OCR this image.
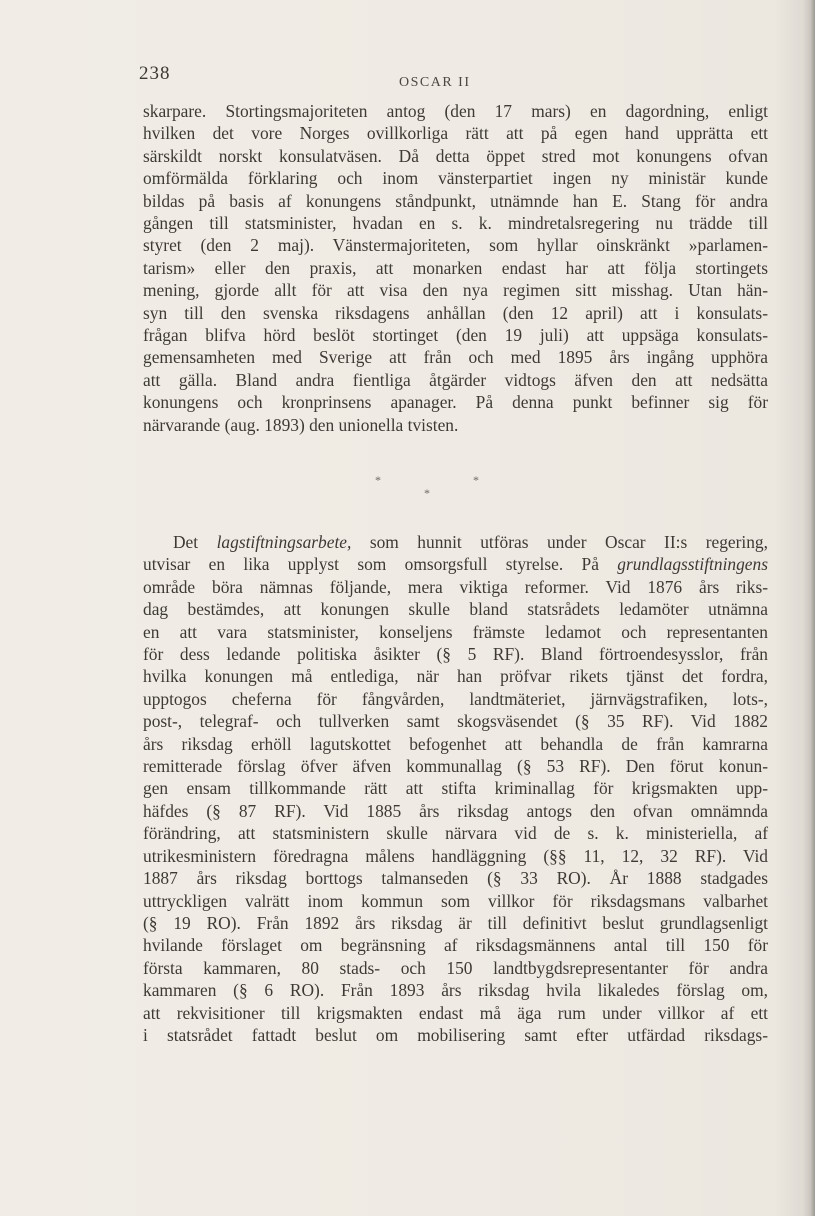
238	OSCAR II
skarpare. Stortingsmajoriteten antog (den 17 mars) en dagordning, enligt
hvilken det vore Norges ovillkorliga rätt att på egen hand upprätta ett
särskildt norskt konsulatväsen. Då detta öppet stred mot konungens ofvan
omförmälda förklaring och inom vänsterpartiet ingen ny ministär kunde
bildas på basis af konungens ståndpunkt, utnämnde han E. Stang för andra
gången till statsminister, hvadan en s. k. mindretalsregering nu trädde till
styret (den 2 maj). Vänstermajoriteten, som hyllar oinskränkt »parlamen-
tarism» eller den praxis, att monarken endast har att följa stortingets
mening, gjorde allt för att visa den nya regimen sitt misshag. Utan hän-
syn till den svenska riksdagens anhållan (den 12 april) att i konsulats-
frågan blifva hörd beslöt stortinget (den 19 juli) att uppsäga konsulats-
gemensamheten med Sverige att från och med 1895 års ingång upphöra
att gälla. Bland andra fientliga åtgärder vidtogs äfven den att nedsätta
konungens och kronprinsens apanager. På denna punkt befinner sig för
närvarande (aug. 1893) den unionella tvisten.
*	*
*
Det lagstiftningsarbete, som hunnit utföras under Oscar II:s regering,
utvisar en lika upplyst som omsorgsfull styrelse. På grundlagsstiftningens
område böra nämnas följande, mera viktiga reformer. Vid 1876 års riks-
dag bestämdes, att konungen skulle bland statsrådets ledamöter utnämna
en att vara statsminister, konseljens främste ledamot och representanten
för dess ledande politiska åsikter (§ 5 RF). Bland förtroendesysslor, från
hvilka konungen må entlediga, när han pröfvar rikets tjänst det fordra,
upptogos cheferna för fångvården, landtmäteriet, järnvägstrafiken, lots-,
post-, telegraf- och tullverken samt skogsväsendet (§ 35 RF). Vid 1882
års riksdag erhöll lagutskottet befogenhet att behandla de från kamrarna
remitterade förslag öfver äfven kommunallag (§ 53 RF). Den förut konun-
gen ensam tillkommande rätt att stifta kriminallag för krigsmakten upp-
häfdes (§ 87 RF). Vid 1885 års riksdag antogs den ofvan omnämnda
förändring, att statsministern skulle närvara vid de s. k. ministeriella, af
utrikesministern föredragna målens handläggning (§§ 11, 12, 32 RF). Vid
1887 års riksdag borttogs talmanseden (§ 33 RO). År 1888 stadgades
uttryckligen valrätt inom kommun som villkor för riksdagsmans valbarhet
(§ 19 RO). Från 1892 års riksdag är till definitivt beslut grundlagsenligt
hvilande förslaget om begränsning af riksdagsmännens antal till 150 för
första kammaren, 80 stads- och 150 landtbygdsrepresentanter för andra
kammaren (§ 6 RO). Från 1893 års riksdag hvila likaledes förslag om,
att rekvisitioner till krigsmakten endast må äga rum under villkor af ett
i statsrådet fattadt beslut om mobilisering samt efter utfärdad riksdags-
